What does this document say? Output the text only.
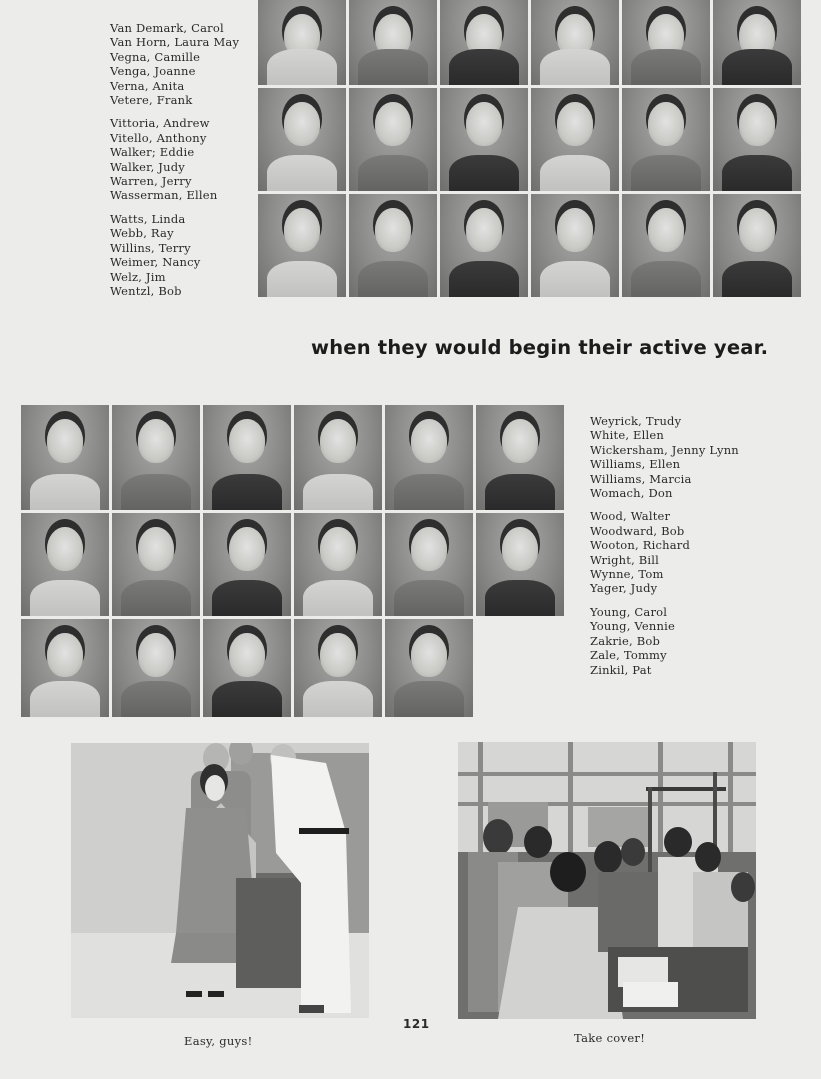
Van Demark, Carol
Van Horn, Laura May
Vegna, Camille
Venga, Joanne
Verna, Anita
Vetere, Frank
Vittoria, Andrew
Vitello, Anthony
Walker; Eddie
Walker, Judy
Warren, Jerry
Wasserman, Ellen
Watts, Linda
Webb, Ray
Willins, Terry
Weimer, Nancy
Welz, Jim
Wentzl, Bob
when they would begin their active year.
Weyrick, Trudy
White, Ellen
Wickersham, Jenny Lynn
Williams, Ellen
Williams, Marcia
Womach, Don
Wood, Walter
Woodward, Bob
Wooton, Richard
Wright, Bill
Wynne, Tom
Yager, Judy
Young, Carol
Young, Vennie
Zakrie, Bob
Zale, Tommy
Zinkil, Pat
Easy, guys!
121
Take cover!
